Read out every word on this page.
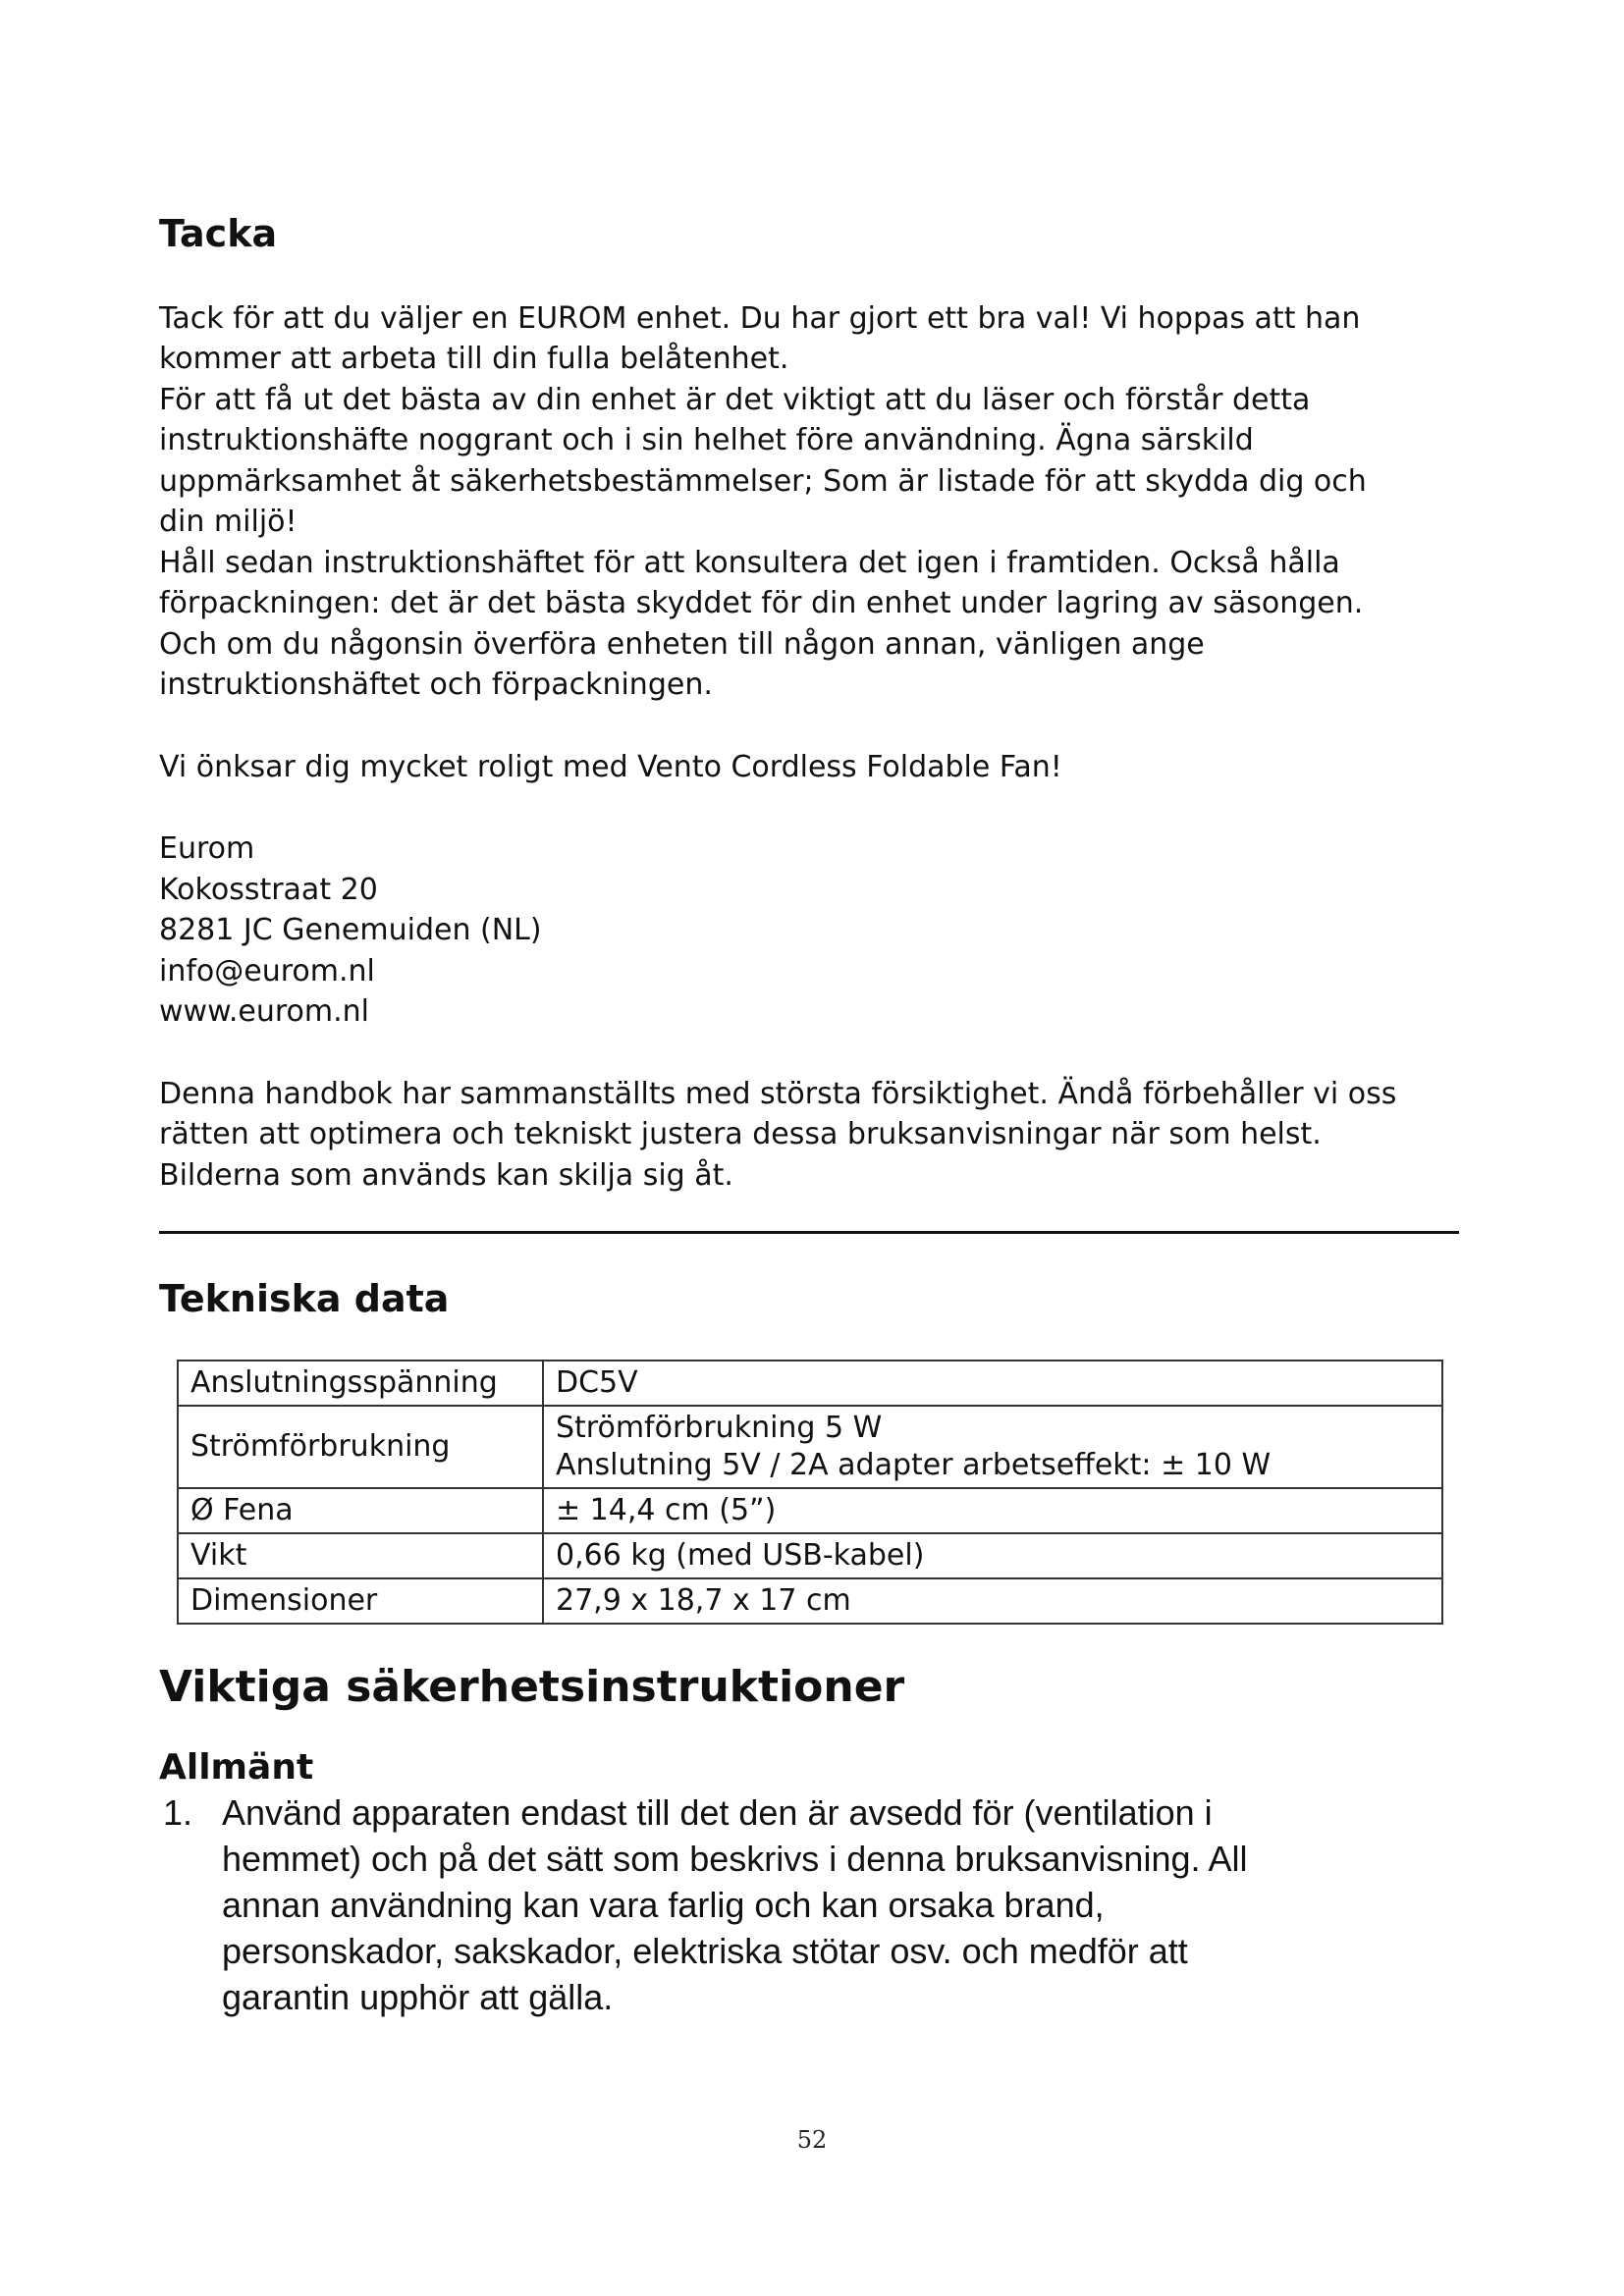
Tacka

Tack för att du väljer en EUROM enhet. Du har gjort ett bra val! Vi hoppas att han

kommer att arbeta till din fulla belåtenhet.

För att få ut det bästa av din enhet är det viktigt att du läser och förstår detta

instruktionshäfte noggrant och i sin helhet före användning. Ägna särskild

uppmärksamhet åt säkerhetsbestämmelser; Som är listade för att skydda dig och

din miljö!

Håll sedan instruktionshäftet för att konsultera det igen i framtiden. Också hålla

förpackningen: det är det bästa skyddet för din enhet under lagring av säsongen.

Och om du någonsin överföra enheten till någon annan, vänligen ange

instruktionshäftet och förpackningen.

Vi önksar dig mycket roligt med Vento Cordless Foldable Fan!

Eurom

Kokosstraat 20

8281 JC Genemuiden (NL)

info@eurom.nl

www.eurom.nl

Denna handbok har sammanställts med största försiktighet. Ändå förbehåller vi oss

rätten att optimera och tekniskt justera dessa bruksanvisningar när som helst.

Bilderna som används kan skilja sig åt.

Tekniska data
Anslutningsspänning	DC5V
Strömförbrukning	Strömförbrukning 5 W
Anslutning 5V / 2A adapter arbetseffekt: ± 10 W

Ø Fena	± 14,4 cm (5”)
Vikt	0,66 kg (med USB-kabel)
Dimensioner	27,9 x 18,7 x 17 cm
Viktiga säkerhetsinstruktioner
Allmänt
1. Använd apparaten endast till det den är avsedd för (ventilation i
hemmet) och på det sätt som beskrivs i denna bruksanvisning. All
annan användning kan vara farlig och kan orsaka brand,
personskador, sakskador, elektriska stötar osv. och medför att
garantin upphör att gälla.
52
